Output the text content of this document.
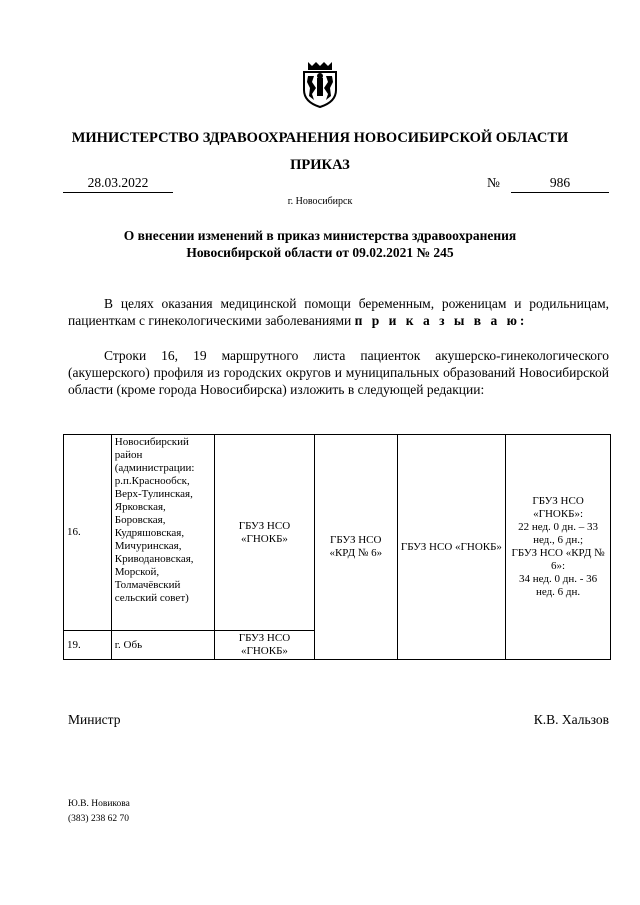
МИНИСТЕРСТВО ЗДРАВООХРАНЕНИЯ НОВОСИБИРСКОЙ ОБЛАСТИ
ПРИКАЗ
28.03.2022	№	986
г. Новосибирск
О внесении изменений в приказ министерства здравоохранения
Новосибирской области от 09.02.2021 № 245
В целях оказания медицинской помощи беременным, роженицам и родильницам, пациенткам с гинекологическими заболеваниями п р и к а з ы в а ю:
Строки 16, 19 маршрутного листа пациенток акушерско-гинекологического (акушерского) профиля из городских округов и муниципальных образований Новосибирской области (кроме города Новосибирска) изложить в следующей редакции:
16.	Новосибирский район (администрации: р.п.Краснообск, Верх-Тулинская, Ярковская, Боровская, Кудряшовская, Мичуринская, Криводановская, Морской, Толмачёвский сельский совет)	ГБУЗ НСО «ГНОКБ»	ГБУЗ НСО «КРД № 6»	ГБУЗ НСО «ГНОКБ»	ГБУЗ НСО «ГНОКБ»:
22 нед. 0 дн. – 33 нед., 6 дн.;
ГБУЗ НСО «КРД № 6»:
34 нед. 0 дн. - 36 нед. 6 дн.

19.	г. Обь	ГБУЗ НСО «ГНОКБ»			
Министр	К.В. Хальзов
Ю.В. Новикова
(383) 238 62 70
